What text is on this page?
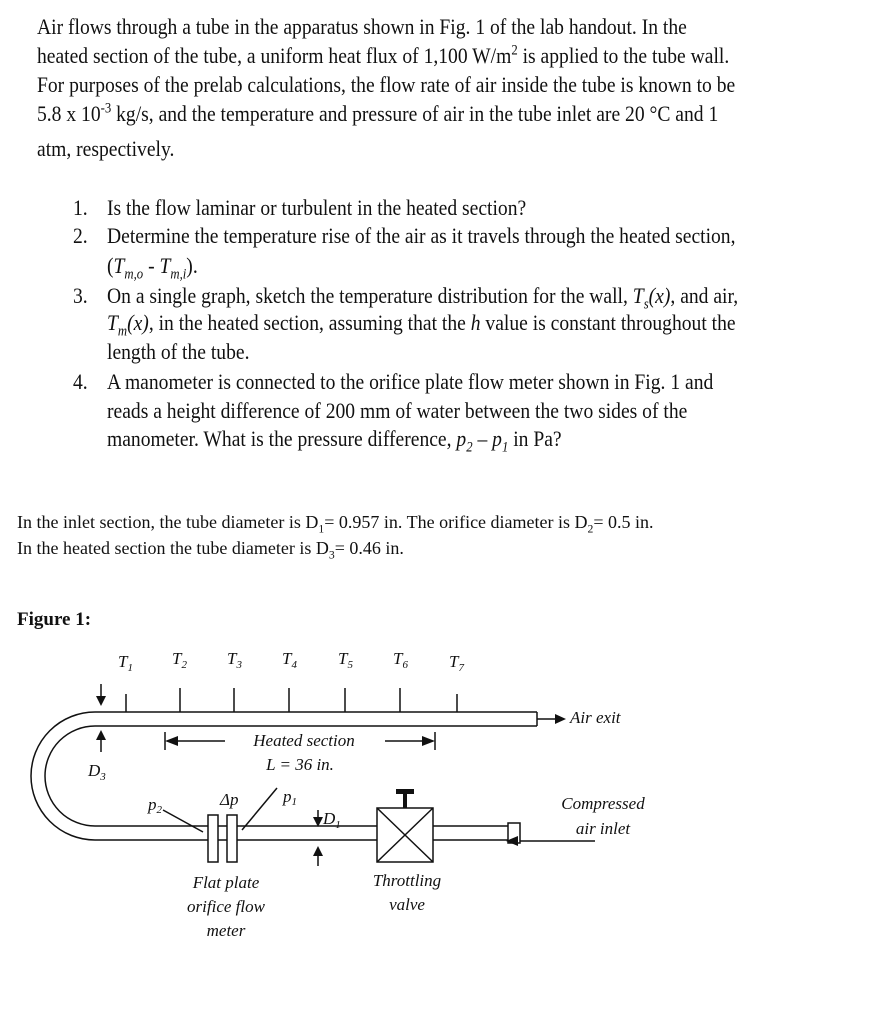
Air flows through a tube in the apparatus shown in Fig. 1 of the lab handout. In the
heated section of the tube, a uniform heat flux of 1,100 $W/m^2$ is applied to the tube wall.
For purposes of the prelab calculations, the flow rate of air inside the tube is known to be
5.8 x $10^{-3}$ kg/s, and the temperature and pressure of air in the tube inlet are 20 °C and 1
atm, respectively.
1. Is the flow laminar or turbulent in the heated section?
2. Determine the temperature rise of the air as it travels through the heated section,
$(T_{m,o} - T_{m,i})$.
3. On a single graph, sketch the temperature distribution for the wall, $T_s(x)$, and air,
$T_m(x)$, in the heated section, assuming that the h value is constant throughout the
length of the tube.
4. A manometer is connected to the orifice plate flow meter shown in Fig. 1 and
reads a height difference of 200 mm of water between the two sides of the
manometer. What is the pressure difference, $p_2 - p_1$ in Pa?
In the inlet section, the tube diameter is $D_1= 0.957$ in. The orifice diameter is $D_2= 0.5$ in.
In the heated section the tube diameter is $D_3= 0.46$ in.
Figure 1:
$T_1$ $T_2$ $T_3$ $T_4$ $T_5$ $T_6$ $T_7$
Air exit
Heated section
L = 36 in.
$D_3$
$D_1$
p2
p1
Δp
Flat plate
orifice flow
meter
Throttling
valve
Compressed
air inlet
